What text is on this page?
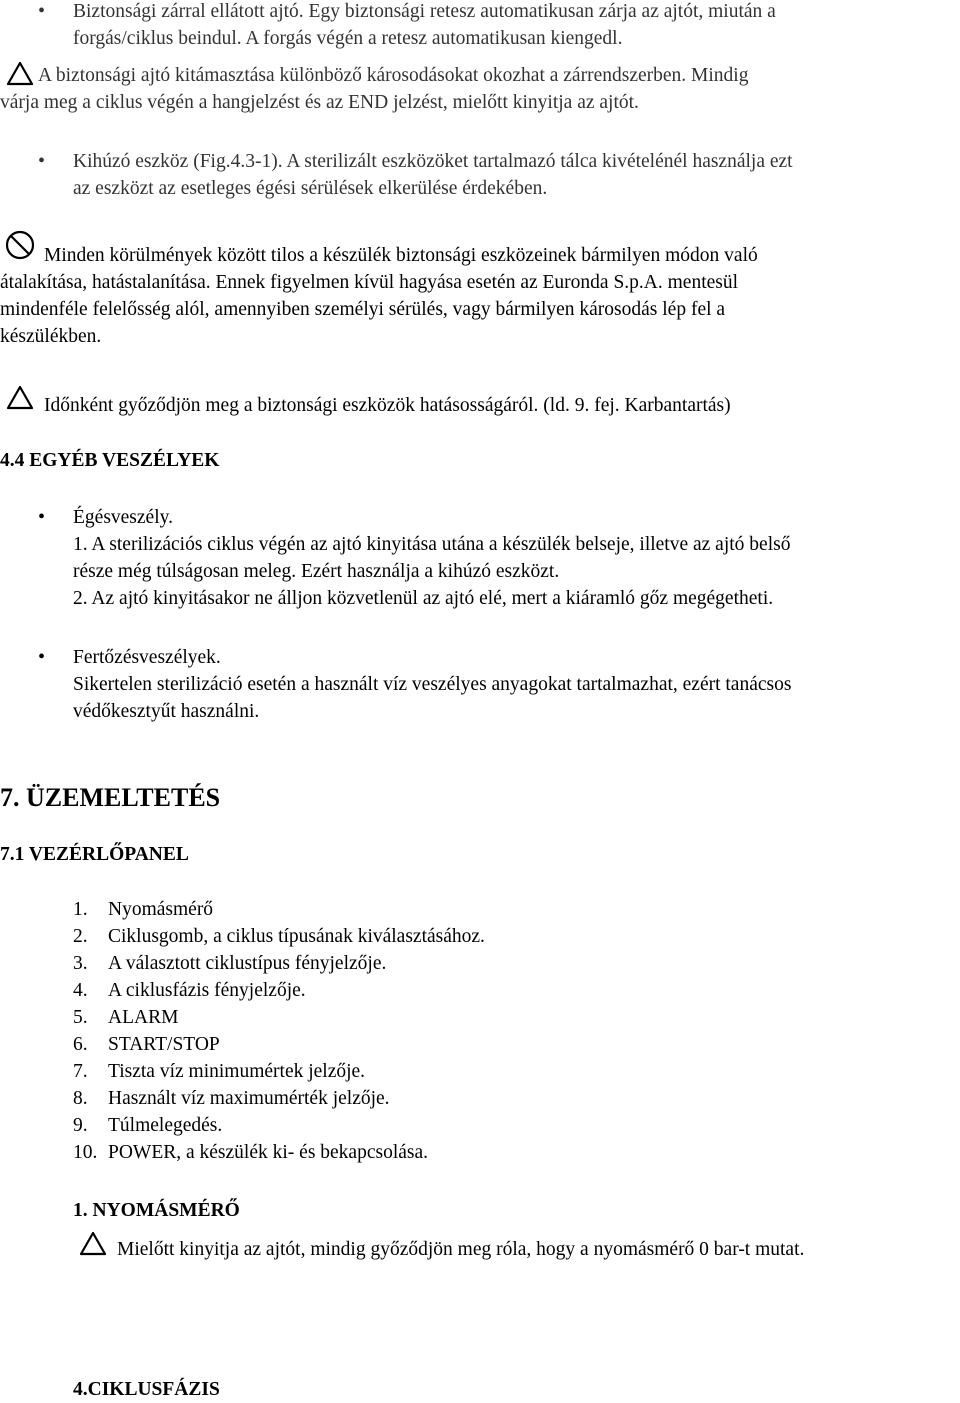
• Biztonsági zárral ellátott ajtó. Egy biztonsági retesz automatikusan zárja az ajtót, miután a
forgás/ciklus beindul. A forgás végén a retesz automatikusan kiengedl.
A biztonsági ajtó kitámasztása különböző károsodásokat okozhat a zárrendszerben. Mindig
várja meg a ciklus végén a hangjelzést és az END jelzést, mielőtt kinyitja az ajtót.
• Kihúzó eszköz (Fig.4.3-1). A sterilizált eszközöket tartalmazó tálca kivételénél használja ezt
az eszközt az esetleges égési sérülések elkerülése érdekében.
Minden körülmények között tilos a készülék biztonsági eszközeinek bármilyen módon való
átalakítása, hatástalanítása. Ennek figyelmen kívül hagyása esetén az Euronda S.p.A. mentesül
mindenféle felelősség alól, amennyiben személyi sérülés, vagy bármilyen károsodás lép fel a
készülékben.
Időnként győződjön meg a biztonsági eszközök hatásosságáról. (ld. 9. fej. Karbantartás)
4.4 EGYÉB VESZÉLYEK
• Égésveszély.
1. A sterilizációs ciklus végén az ajtó kinyitása utána a készülék belseje, illetve az ajtó belső
része még túlságosan meleg. Ezért használja a kihúzó eszközt.
2. Az ajtó kinyitásakor ne álljon közvetlenül az ajtó elé, mert a kiáramló gőz megégetheti.
• Fertőzésveszélyek.
Sikertelen sterilizáció esetén a használt víz veszélyes anyagokat tartalmazhat, ezért tanácsos
védőkesztyűt használni.
7. ÜZEMELTETÉS
7.1 VEZÉRLŐPANEL
1. Nyomásmérő
2. Ciklusgomb, a ciklus típusának kiválasztásához.
3. A választott ciklustípus fényjelzője.
4. A ciklusfázis fényjelzője.
5. ALARM
6. START/STOP
7. Tiszta víz minimumértek jelzője.
8. Használt víz maximumérték jelzője.
9. Túlmelegedés.
10. POWER, a készülék ki- és bekapcsolása.
1. NYOMÁSMÉRŐ
Mielőtt kinyitja az ajtót, mindig győződjön meg róla, hogy a nyomásmérő 0 bar-t mutat.
4.CIKLUSFÁZIS
